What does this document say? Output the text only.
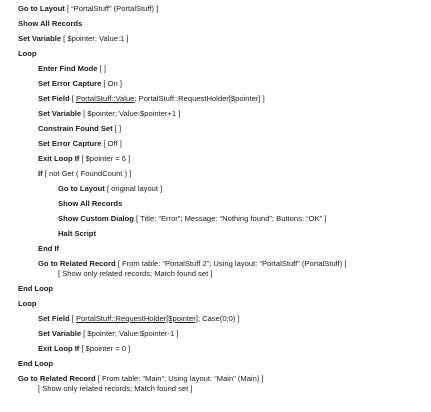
Go to Layout [ “PortalStuff” (PortalStuff) ]
Show All Records
Set Variable [ $pointer; Value:1 ]
Loop
Enter Find Mode [ ]
Set Error Capture [ On ]
Set Field [ PortalStuff::Value; PortalStuff::RequestHolder[$pointer] ]
Set Variable [ $pointer; Value:$pointer+1 ]
Constrain Found Set [ ]
Set Error Capture [ Off ]
Exit Loop If [ $pointer = 6 ]
If [ not Get ( FoundCount ) ]
Go to Layout [ original layout ]
Show All Records
Show Custom Dialog [ Title: “Error”; Message: “Nothing found”; Buttons: “OK” ]
Halt Script
End If
Go to Related Record [ From table: “PortalStuff 2”; Using layout: “PortalStuff” (PortalStuff) ]
[ Show only related records; Match found set ]
End Loop
Loop
Set Field [ PortalStuff::RequestHolder[$pointer]; Case(0;0) ]
Set Variable [ $pointer; Value:$pointer-1 ]
Exit Loop If [ $pointer = 0 ]
End Loop
Go to Related Record [ From table: “Main”; Using layout: “Main” (Main) ]
[ Show only related records; Match found set ]
